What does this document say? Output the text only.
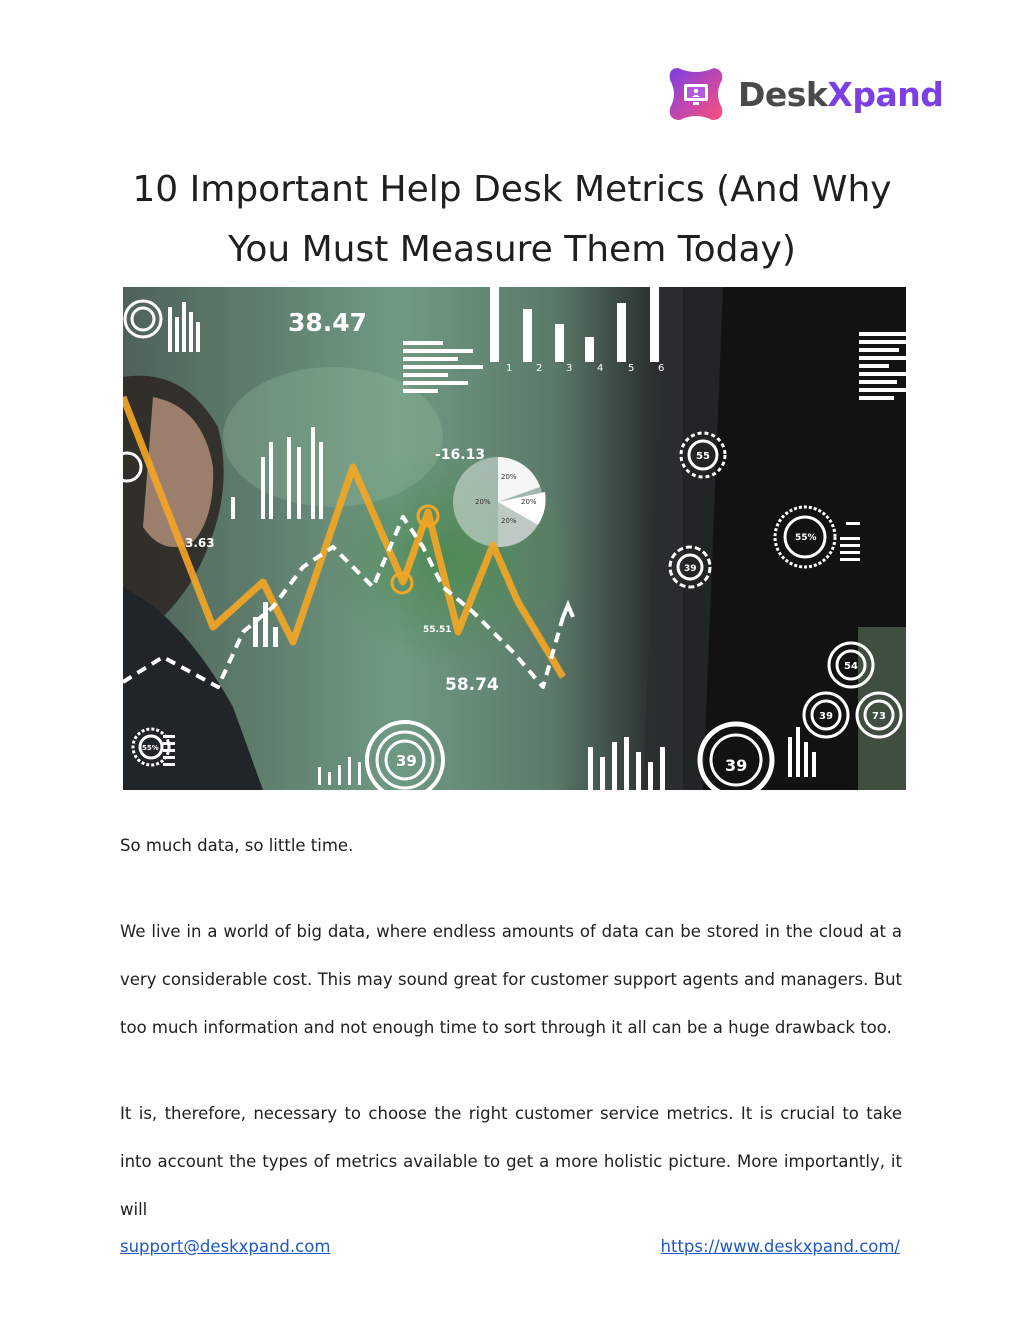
DeskXpand
10 Important Help Desk Metrics (And Why You Must Measure Them Today)
1 2 3 4 5 6
20%
20%
20%
20%
38.47
-16.13
3.63
58.74
55.51
55
39
55%
54
39	73
39
39
55%

So much data, so little time.

We live in a world of big data, where endless amounts of data can be stored in the cloud at a very considerable cost. This may sound great for customer support agents and managers. But too much information and not enough time to sort through it all can be a huge drawback too.

It is, therefore, necessary to choose the right customer service metrics. It is crucial to take into account the types of metrics available to get a more holistic picture. More importantly, it will

support@deskxpand.com	https://www.deskxpand.com/
